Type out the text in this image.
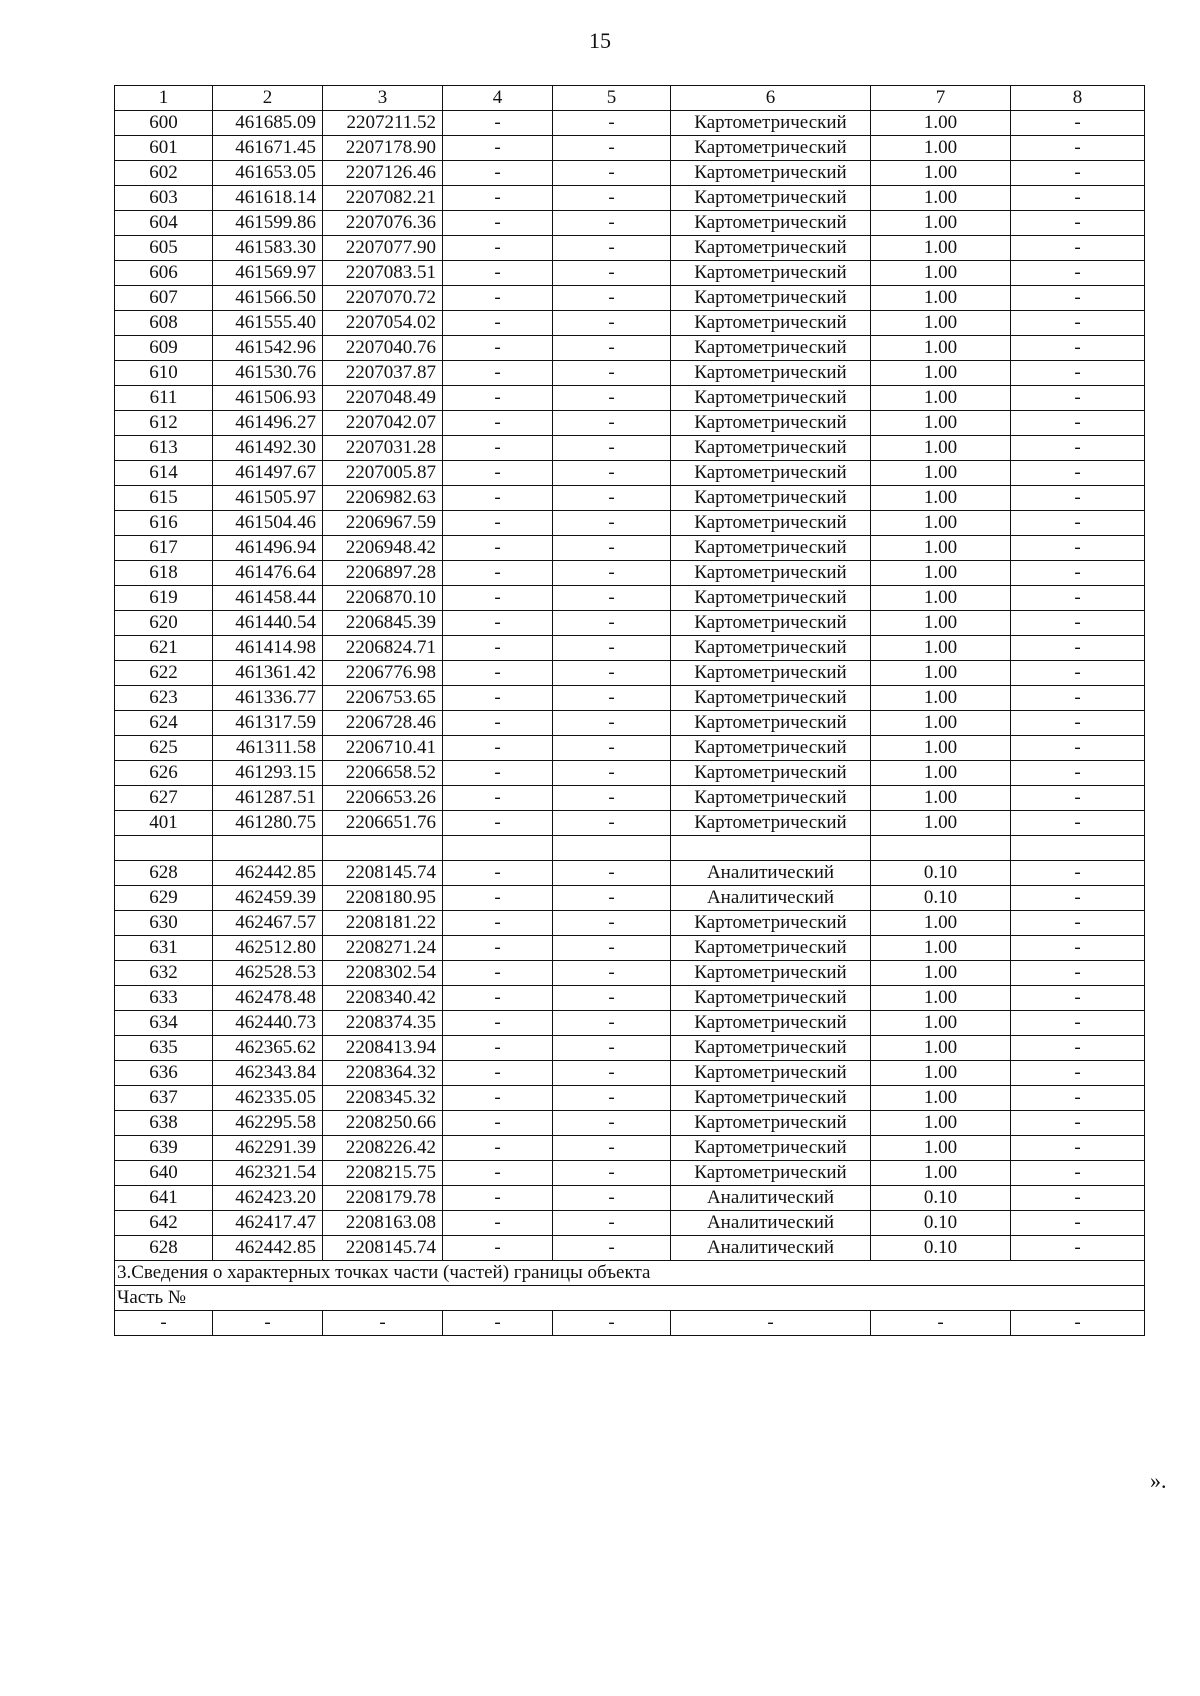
15
1	2	3	4	5	6	7	8
600	461685.09	2207211.52	-	-	Картометрический	1.00	-
601	461671.45	2207178.90	-	-	Картометрический	1.00	-
602	461653.05	2207126.46	-	-	Картометрический	1.00	-
603	461618.14	2207082.21	-	-	Картометрический	1.00	-
604	461599.86	2207076.36	-	-	Картометрический	1.00	-
605	461583.30	2207077.90	-	-	Картометрический	1.00	-
606	461569.97	2207083.51	-	-	Картометрический	1.00	-
607	461566.50	2207070.72	-	-	Картометрический	1.00	-
608	461555.40	2207054.02	-	-	Картометрический	1.00	-
609	461542.96	2207040.76	-	-	Картометрический	1.00	-
610	461530.76	2207037.87	-	-	Картометрический	1.00	-
611	461506.93	2207048.49	-	-	Картометрический	1.00	-
612	461496.27	2207042.07	-	-	Картометрический	1.00	-
613	461492.30	2207031.28	-	-	Картометрический	1.00	-
614	461497.67	2207005.87	-	-	Картометрический	1.00	-
615	461505.97	2206982.63	-	-	Картометрический	1.00	-
616	461504.46	2206967.59	-	-	Картометрический	1.00	-
617	461496.94	2206948.42	-	-	Картометрический	1.00	-
618	461476.64	2206897.28	-	-	Картометрический	1.00	-
619	461458.44	2206870.10	-	-	Картометрический	1.00	-
620	461440.54	2206845.39	-	-	Картометрический	1.00	-
621	461414.98	2206824.71	-	-	Картометрический	1.00	-
622	461361.42	2206776.98	-	-	Картометрический	1.00	-
623	461336.77	2206753.65	-	-	Картометрический	1.00	-
624	461317.59	2206728.46	-	-	Картометрический	1.00	-
625	461311.58	2206710.41	-	-	Картометрический	1.00	-
626	461293.15	2206658.52	-	-	Картометрический	1.00	-
627	461287.51	2206653.26	-	-	Картометрический	1.00	-
401	461280.75	2206651.76	-	-	Картометрический	1.00	-

628	462442.85	2208145.74	-	-	Аналитический	0.10	-
629	462459.39	2208180.95	-	-	Аналитический	0.10	-
630	462467.57	2208181.22	-	-	Картометрический	1.00	-
631	462512.80	2208271.24	-	-	Картометрический	1.00	-
632	462528.53	2208302.54	-	-	Картометрический	1.00	-
633	462478.48	2208340.42	-	-	Картометрический	1.00	-
634	462440.73	2208374.35	-	-	Картометрический	1.00	-
635	462365.62	2208413.94	-	-	Картометрический	1.00	-
636	462343.84	2208364.32	-	-	Картометрический	1.00	-
637	462335.05	2208345.32	-	-	Картометрический	1.00	-
638	462295.58	2208250.66	-	-	Картометрический	1.00	-
639	462291.39	2208226.42	-	-	Картометрический	1.00	-
640	462321.54	2208215.75	-	-	Картометрический	1.00	-
641	462423.20	2208179.78	-	-	Аналитический	0.10	-
642	462417.47	2208163.08	-	-	Аналитический	0.10	-
628	462442.85	2208145.74	-	-	Аналитический	0.10	-
3.Сведения о характерных точках части (частей) границы объекта							
Часть №							
-	-	-	-	-	-	-	-
».
